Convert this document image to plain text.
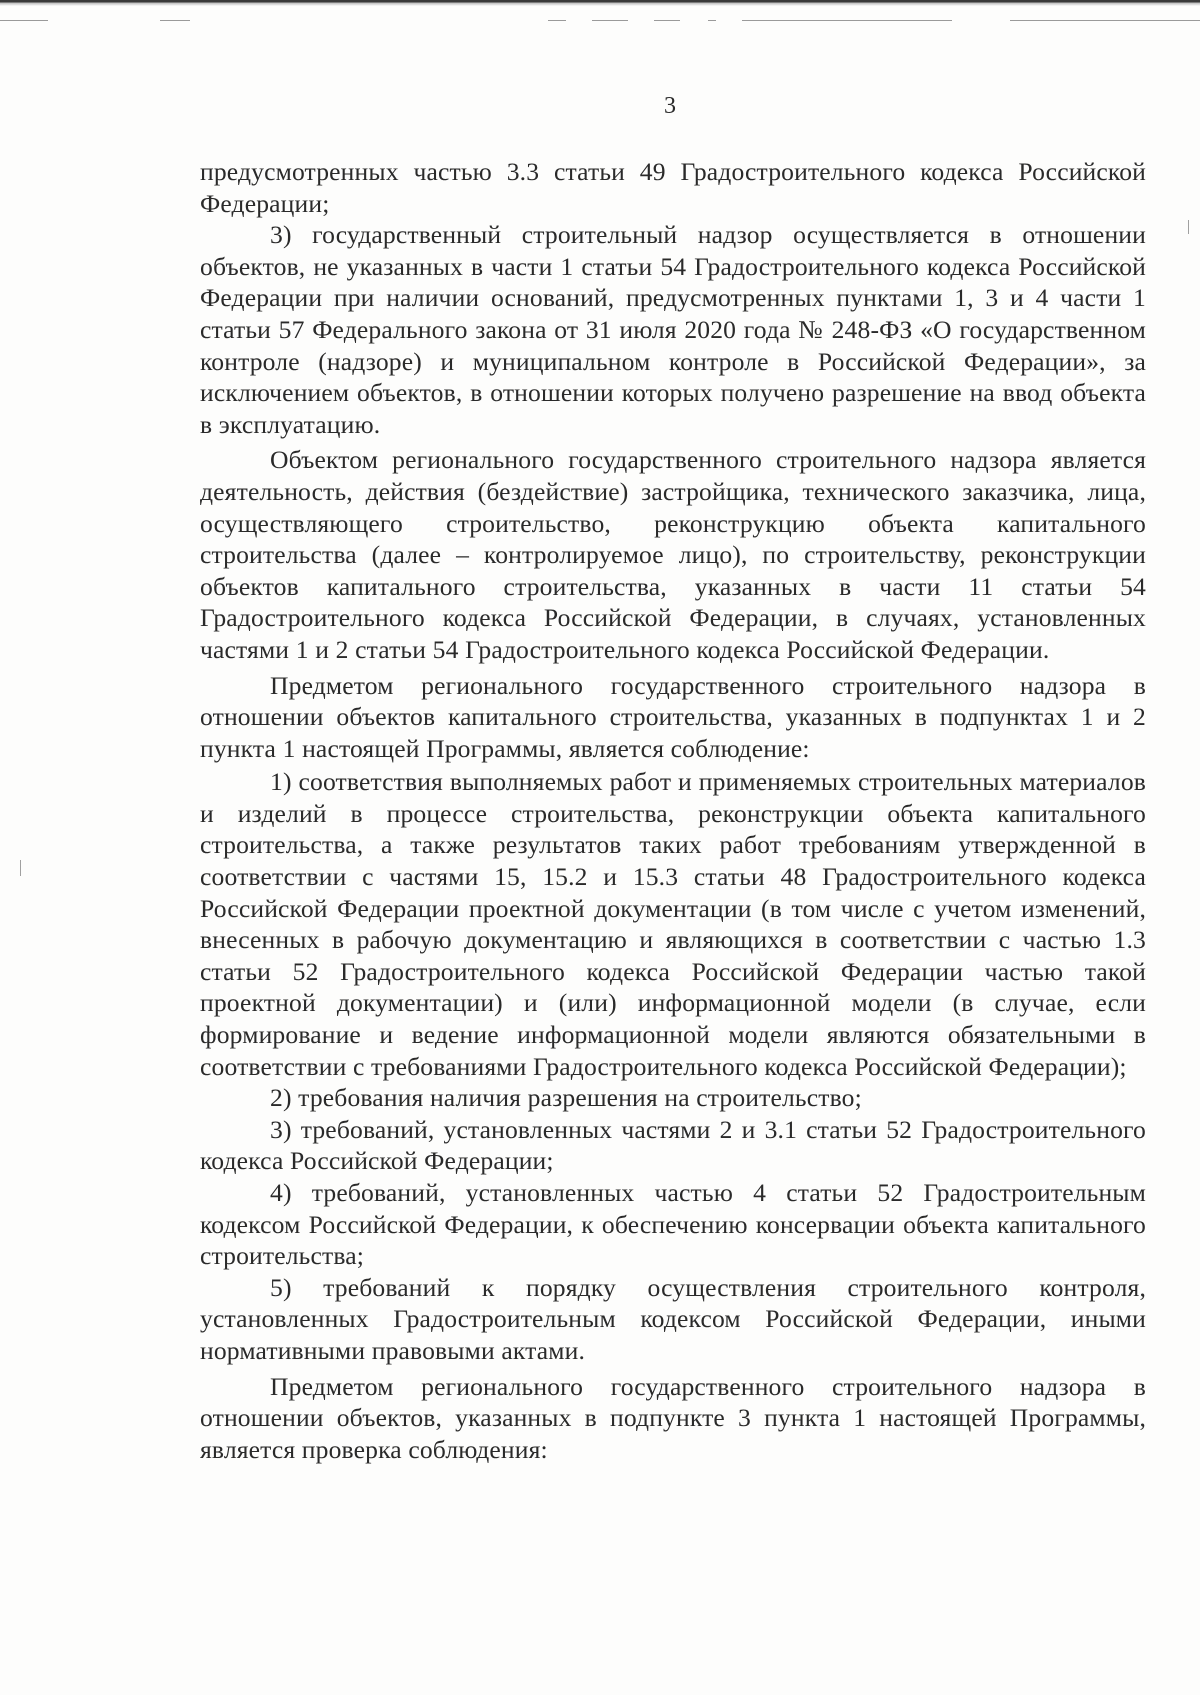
3

предусмотренных частью 3.3 статьи 49 Градостроительного кодекса Российской Федерации;

3) государственный строительный надзор осуществляется в отношении объектов, не указанных в части 1 статьи 54 Градостроительного кодекса Российской Федерации при наличии оснований, предусмотренных пунктами 1, 3 и 4 части 1 статьи 57 Федерального закона от 31 июля 2020 года № 248-ФЗ «О государственном контроле (надзоре) и муниципальном контроле в Российской Федерации», за исключением объектов, в отношении которых получено разрешение на ввод объекта в эксплуатацию.

Объектом регионального государственного строительного надзора является деятельность, действия (бездействие) застройщика, технического заказчика, лица, осуществляющего строительство, реконструкцию объекта капитального строительства (далее – контролируемое лицо), по строительству, реконструкции объектов капитального строительства, указанных в части 11 статьи 54 Градостроительного кодекса Российской Федерации, в случаях, установленных частями 1 и 2 статьи 54 Градостроительного кодекса Российской Федерации.

Предметом регионального государственного строительного надзора в отношении объектов капитального строительства, указанных в подпунктах 1 и 2 пункта 1 настоящей Программы, является соблюдение:

1) соответствия выполняемых работ и применяемых строительных материалов и изделий в процессе строительства, реконструкции объекта капитального строительства, а также результатов таких работ требованиям утвержденной в соответствии с частями 15, 15.2 и 15.3 статьи 48 Градостроительного кодекса Российской Федерации проектной документации (в том числе с учетом изменений, внесенных в рабочую документацию и являющихся в соответствии с частью 1.3 статьи 52 Градостроительного кодекса Российской Федерации частью такой проектной документации) и (или) информационной модели (в случае, если формирование и ведение информационной модели являются обязательными в соответствии с требованиями Градостроительного кодекса Российской Федерации);

2) требования наличия разрешения на строительство;

3) требований, установленных частями 2 и 3.1 статьи 52 Градостроительного кодекса Российской Федерации;

4) требований, установленных частью 4 статьи 52 Градостроительным кодексом Российской Федерации, к обеспечению консервации объекта капитального строительства;

5) требований к порядку осуществления строительного контроля, установленных Градостроительным кодексом Российской Федерации, иными нормативными правовыми актами.

Предметом регионального государственного строительного надзора в отношении объектов, указанных в подпункте 3 пункта 1 настоящей Программы, является проверка соблюдения:
